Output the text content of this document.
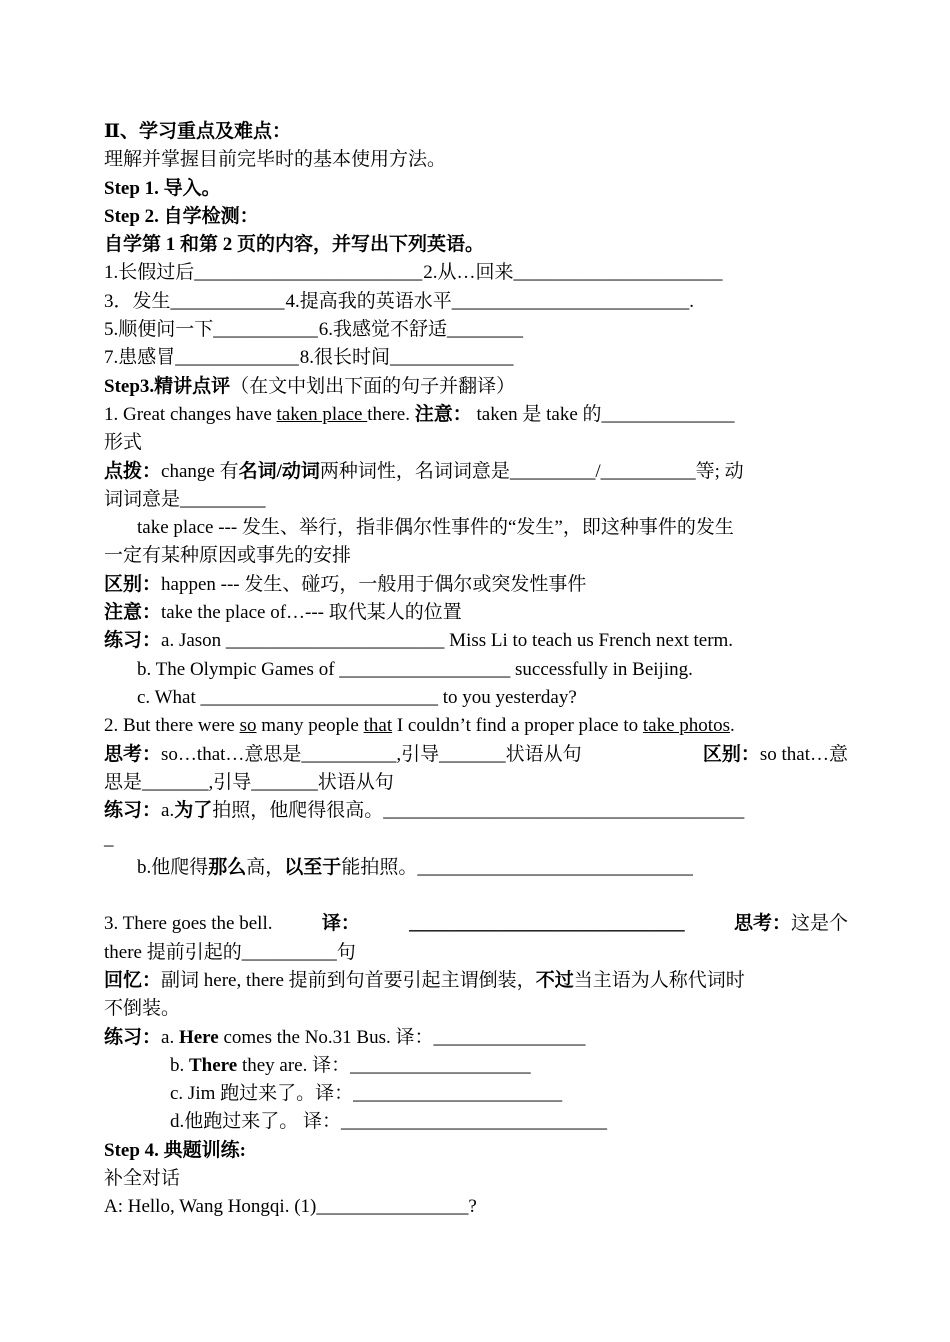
Ⅱ、学习重点及难点：
理解并掌握目前完毕时的基本使用方法。
Step 1. 导入。
Step 2. 自学检测：
自学第 1 和第 2 页的内容，并写出下列英语。
1.长假过后________________________2.从…回来______________________
3．发生____________4.提高我的英语水平_________________________.
5.顺便问一下___________6.我感觉不舒适________
7.患感冒_____________8.很长时间_____________
Step3.精讲点评（在文中划出下面的句子并翻译）
1. Great changes have taken place there. 注意： taken 是 take 的______________
形式
点拨：change 有名词/动词两种词性，名词词意是_________/__________等; 动
词词意是_________
take place --- 发生、举行，指非偶尔性事件的“发生”，即这种事件的发生
一定有某种原因或事先的安排
区别：happen --- 发生、碰巧，一般用于偶尔或突发性事件
注意：take the place of…--- 取代某人的位置
练习：a. Jason _______________________ Miss Li to teach us French next term.
b. The Olympic Games of __________________ successfully in Beijing.
c. What _________________________ to you yesterday?
2. But there were so many people that I couldn’t find a proper place to take photos.
思考：so…that…意思是__________,引导_______状语从句	区别：so that…意
思是_______,引导_______状语从句
练习：a.为了拍照，他爬得很高。______________________________________
_
b.他爬得那么高，以至于能拍照。_____________________________
3. There goes the bell.	译：	_____________________________	思考：这是个
there 提前引起的__________句
回忆：副词 here, there 提前到句首要引起主谓倒装，不过当主语为人称代词时
不倒装。
练习：a. Here comes the No.31 Bus. 译：________________
b. There they are. 译：___________________
c. Jim 跑过来了。译：______________________
d.他跑过来了。 译：____________________________
Step 4. 典题训练:
补全对话
A: Hello, Wang Hongqi. (1)________________?
